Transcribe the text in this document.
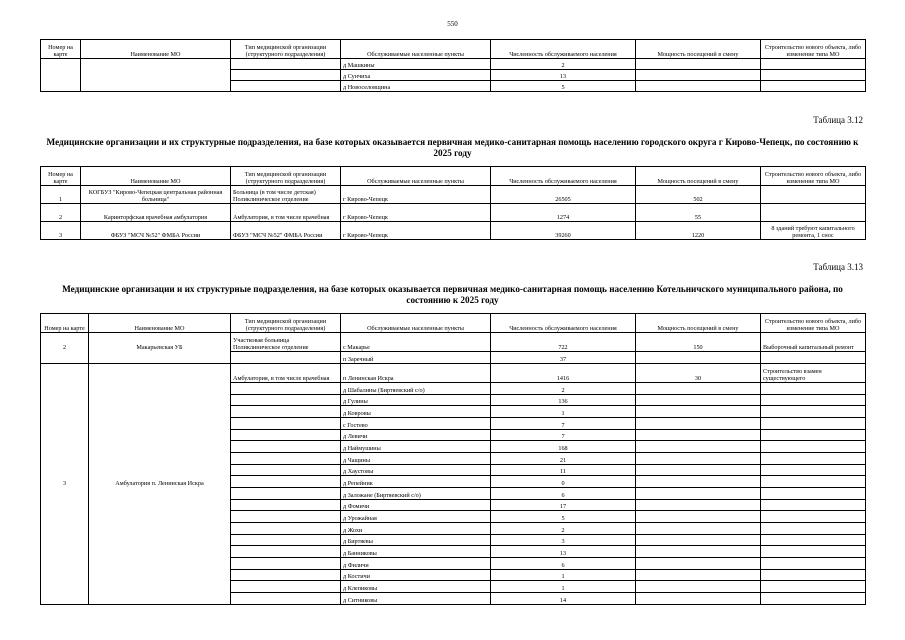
550
Номер на карте	Наименование МО	Тип медицинской организации (структурного подразделения)	Обслуживаемые населенные пункты	Численность обслуживаемого населения	Мощность посещений в смену	Строительство нового объекта, либо изменение типа МО
			д Машкины	2		
			д Сунчиха	13		
			д Новоселовщина	5		
Таблица 3.12
Медицинские организации и их структурные подразделения, на базе которых оказывается первичная медико-санитарная помощь населению городского округа г Кирово-Чепецк, по состоянию к 2025 году
Номер на карте	Наименование МО	Тип медицинской организации (структурного подразделения)	Обслуживаемые населенные пункты	Численность обслуживаемого населения	Мощность посещений в смену	Строительство нового объекта, либо изменение типа МО
1	КОГБУЗ "Кирово-Чепецкая центральная районная больница"	Больница (в том числе детская) Поликлиническое отделение	г Кирово-Чепецк	26505	502	
2	Каринторфская врачебная амбулатория	Амбулатория, в том числе врачебная	г Кирово-Чепецк	1274	55	
3	ФБУЗ "МСЧ №52" ФМБА России	ФБУЗ "МСЧ №52" ФМБА России	г Кирово-Чепецк	39260	1220	8 зданий требуют капитального ремонта, 1 снос
Таблица 3.13
Медицинские организации и их структурные подразделения, на базе которых оказывается первичная медико-санитарная помощь населению Котельничского муниципального района, по состоянию к 2025 году
Номер на карте	Наименование МО	Тип медицинской организации (структурного подразделения)	Обслуживаемые населенные пункты	Численность обслуживаемого населения	Мощность посещений в смену	Строительство нового объекта, либо изменение типа МО
2	Макарьевская УБ	Участковая больница Поликлиническое отделение	с Макарье	722	150	Выборочный капитальный ремонт
			п Заречный	37		
3	Амбулатория п. Ленинская Искра	Амбулатория, в том числе врачебная	п Ленинская Искра	1416	30	Строительство взамен существующего
			д Шабалины (Биртяевский с/о)	2		
			д Гулины	136		
			д Ковровы	1		
			с Гостево	7		
			д Левичи	7		
			д Наймушины	168		
			д Чащины	21		
			д Хаустовы	11		
			д Репейник	0		
			д Заложане (Биртяевский с/о)	6		
			д Фомичи	17		
			д Урожайная	5		
			д Жохи	2		
			д Биртяевы	3		
			д Банниковы	13		
			д Филичи	6		
			д Костичи	1		
			д Клепиковы	1		
			д Ситниковы	14		
